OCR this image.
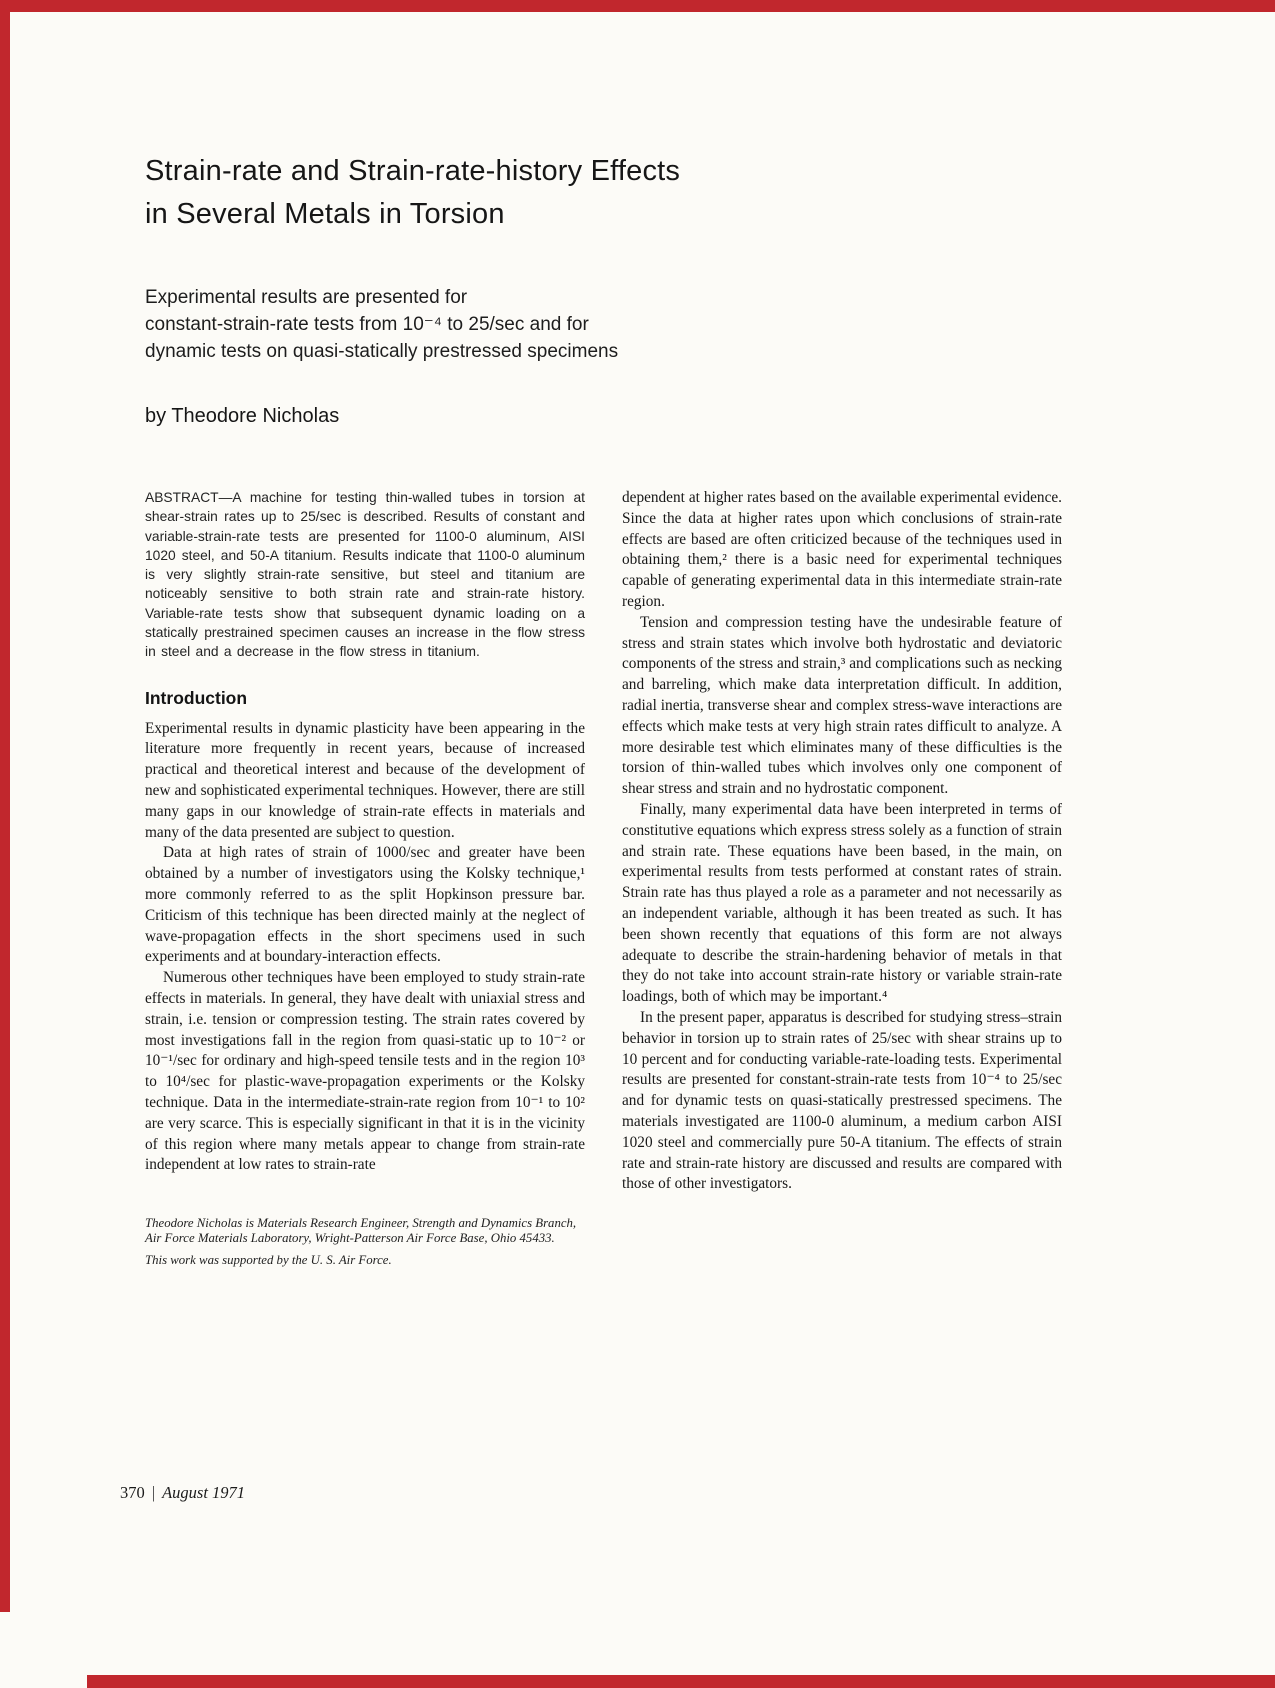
Strain-rate and Strain-rate-history Effects
in Several Metals in Torsion
Experimental results are presented for
constant-strain-rate tests from 10⁻⁴ to 25/sec and for
dynamic tests on quasi-statically prestressed specimens
by Theodore Nicholas

ABSTRACT—A machine for testing thin-walled tubes in torsion at shear-strain rates up to 25/sec is described. Results of constant and variable-strain-rate tests are presented for 1100-0 aluminum, AISI 1020 steel, and 50-A titanium. Results indicate that 1100-0 aluminum is very slightly strain-rate sensitive, but steel and titanium are noticeably sensitive to both strain rate and strain-rate history. Variable-rate tests show that subsequent dynamic loading on a statically prestrained specimen causes an increase in the flow stress in steel and a decrease in the flow stress in titanium.

Introduction

Experimental results in dynamic plasticity have been appearing in the literature more frequently in recent years, because of increased practical and theoretical interest and because of the development of new and sophisticated experimental techniques. However, there are still many gaps in our knowledge of strain-rate effects in materials and many of the data presented are subject to question.

Data at high rates of strain of 1000/sec and greater have been obtained by a number of investigators using the Kolsky technique,¹ more commonly referred to as the split Hopkinson pressure bar. Criticism of this technique has been directed mainly at the neglect of wave-propagation effects in the short specimens used in such experiments and at boundary-interaction effects.

Numerous other techniques have been employed to study strain-rate effects in materials. In general, they have dealt with uniaxial stress and strain, i.e. tension or compression testing. The strain rates covered by most investigations fall in the region from quasi-static up to 10⁻² or 10⁻¹/sec for ordinary and high-speed tensile tests and in the region 10³ to 10⁴/sec for plastic-wave-propagation experiments or the Kolsky technique. Data in the intermediate-strain-rate region from 10⁻¹ to 10² are very scarce. This is especially significant in that it is in the vicinity of this region where many metals appear to change from strain-rate independent at low rates to strain-rate

Theodore Nicholas is Materials Research Engineer, Strength and Dynamics Branch, Air Force Materials Laboratory, Wright-Patterson Air Force Base, Ohio 45433.

This work was supported by the U. S. Air Force.

dependent at higher rates based on the available experimental evidence. Since the data at higher rates upon which conclusions of strain-rate effects are based are often criticized because of the techniques used in obtaining them,² there is a basic need for experimental techniques capable of generating experimental data in this intermediate strain-rate region.

Tension and compression testing have the undesirable feature of stress and strain states which involve both hydrostatic and deviatoric components of the stress and strain,³ and complications such as necking and barreling, which make data interpretation difficult. In addition, radial inertia, transverse shear and complex stress-wave interactions are effects which make tests at very high strain rates difficult to analyze. A more desirable test which eliminates many of these difficulties is the torsion of thin-walled tubes which involves only one component of shear stress and strain and no hydrostatic component.

Finally, many experimental data have been interpreted in terms of constitutive equations which express stress solely as a function of strain and strain rate. These equations have been based, in the main, on experimental results from tests performed at constant rates of strain. Strain rate has thus played a role as a parameter and not necessarily as an independent variable, although it has been treated as such. It has been shown recently that equations of this form are not always adequate to describe the strain-hardening behavior of metals in that they do not take into account strain-rate history or variable strain-rate loadings, both of which may be important.⁴

In the present paper, apparatus is described for studying stress–strain behavior in torsion up to strain rates of 25/sec with shear strains up to 10 percent and for conducting variable-rate-loading tests. Experimental results are presented for constant-strain-rate tests from 10⁻⁴ to 25/sec and for dynamic tests on quasi-statically prestressed specimens. The materials investigated are 1100-0 aluminum, a medium carbon AISI 1020 steel and commercially pure 50-A titanium. The effects of strain rate and strain-rate history are discussed and results are compared with those of other investigators.

370 | August 1971
